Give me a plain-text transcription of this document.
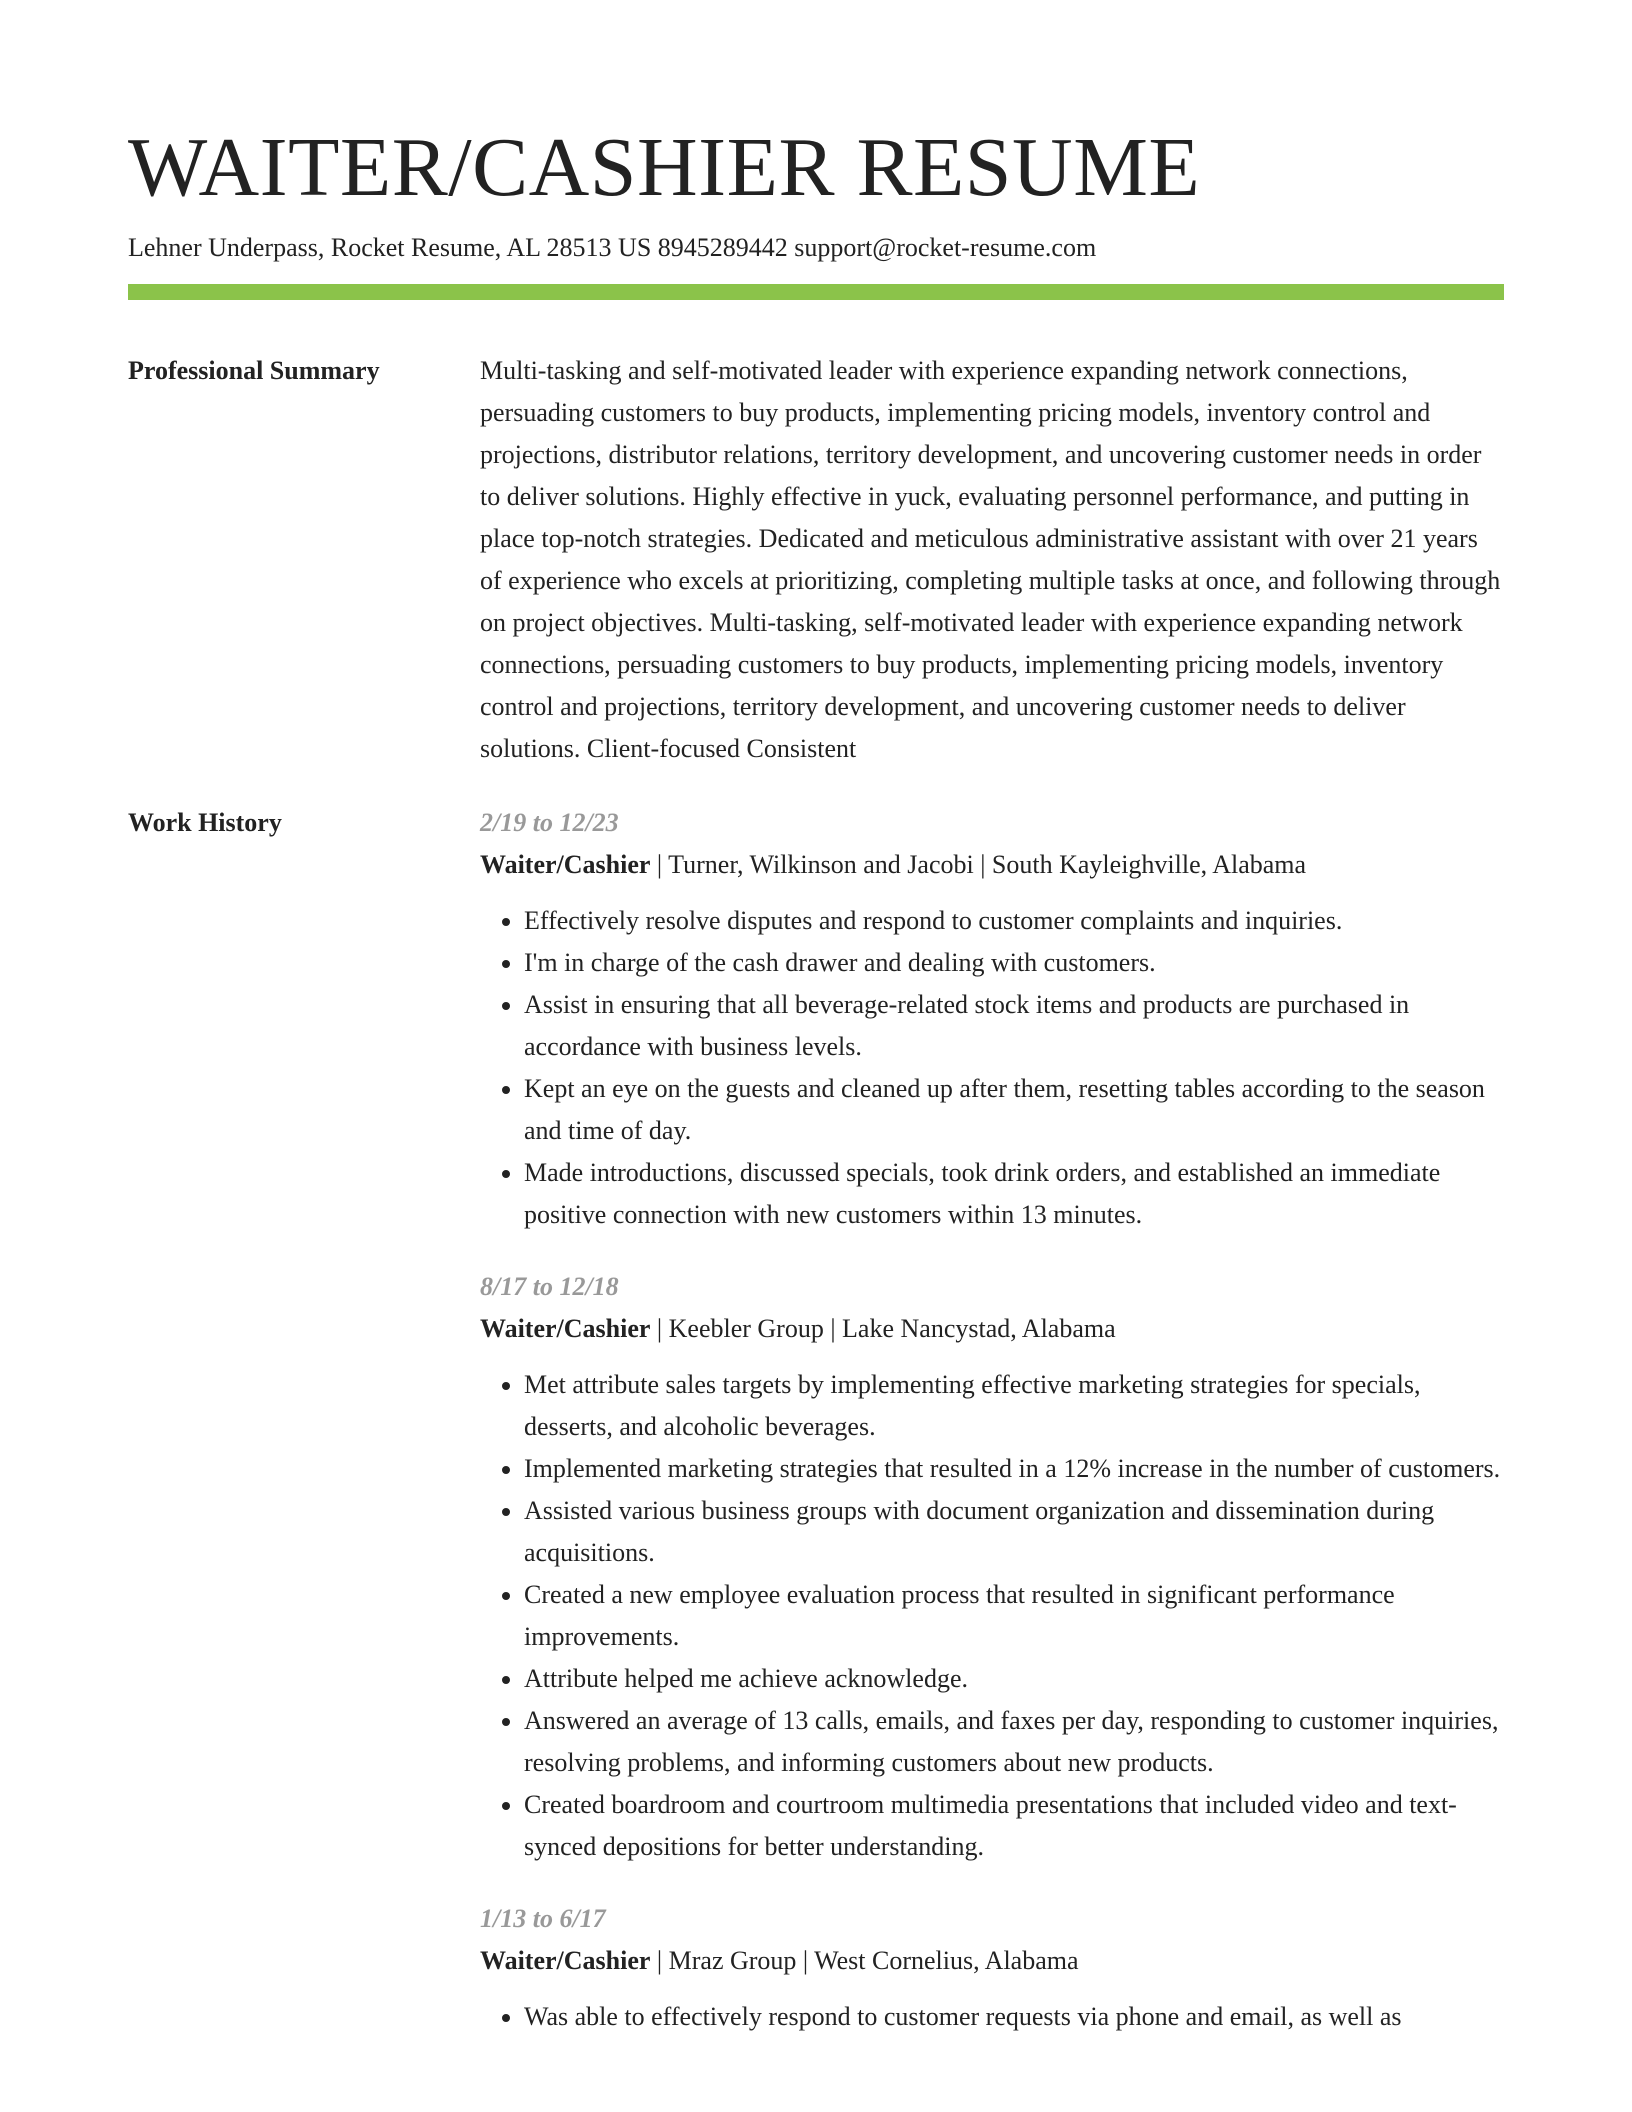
WAITER/CASHIER RESUME
Lehner Underpass, Rocket Resume, AL 28513 US 8945289442 support@rocket-resume.com
Professional Summary	Multi-tasking and self-motivated leader with experience expanding network connections, persuading customers to buy products, implementing pricing models, inventory control and projections, distributor relations, territory development, and uncovering customer needs in order to deliver solutions. Highly effective in yuck, evaluating personnel performance, and putting in place top-notch strategies. Dedicated and meticulous administrative assistant with over 21 years of experience who excels at prioritizing, completing multiple tasks at once, and following through on project objectives. Multi-tasking, self-motivated leader with experience expanding network connections, persuading customers to buy products, implementing pricing models, inventory control and projections, territory development, and uncovering customer needs to deliver solutions. Client-focused Consistent

Work History	2/19 to 12/23
Waiter/Cashier | Turner, Wilkinson and Jacobi | South Kayleighville, Alabama
• Effectively resolve disputes and respond to customer complaints and inquiries.
• I'm in charge of the cash drawer and dealing with customers.
• Assist in ensuring that all beverage-related stock items and products are purchased in accordance with business levels.
• Kept an eye on the guests and cleaned up after them, resetting tables according to the season and time of day.
• Made introductions, discussed specials, took drink orders, and established an immediate positive connection with new customers within 13 minutes.
8/17 to 12/18
Waiter/Cashier | Keebler Group | Lake Nancystad, Alabama
• Met attribute sales targets by implementing effective marketing strategies for specials, desserts, and alcoholic beverages.
• Implemented marketing strategies that resulted in a 12% increase in the number of customers.
• Assisted various business groups with document organization and dissemination during acquisitions.
• Created a new employee evaluation process that resulted in significant performance improvements.
• Attribute helped me achieve acknowledge.
• Answered an average of 13 calls, emails, and faxes per day, responding to customer inquiries, resolving problems, and informing customers about new products.
• Created boardroom and courtroom multimedia presentations that included video and text-synced depositions for better understanding.
1/13 to 6/17
Waiter/Cashier | Mraz Group | West Cornelius, Alabama
• Was able to effectively respond to customer requests via phone and email, as well as
